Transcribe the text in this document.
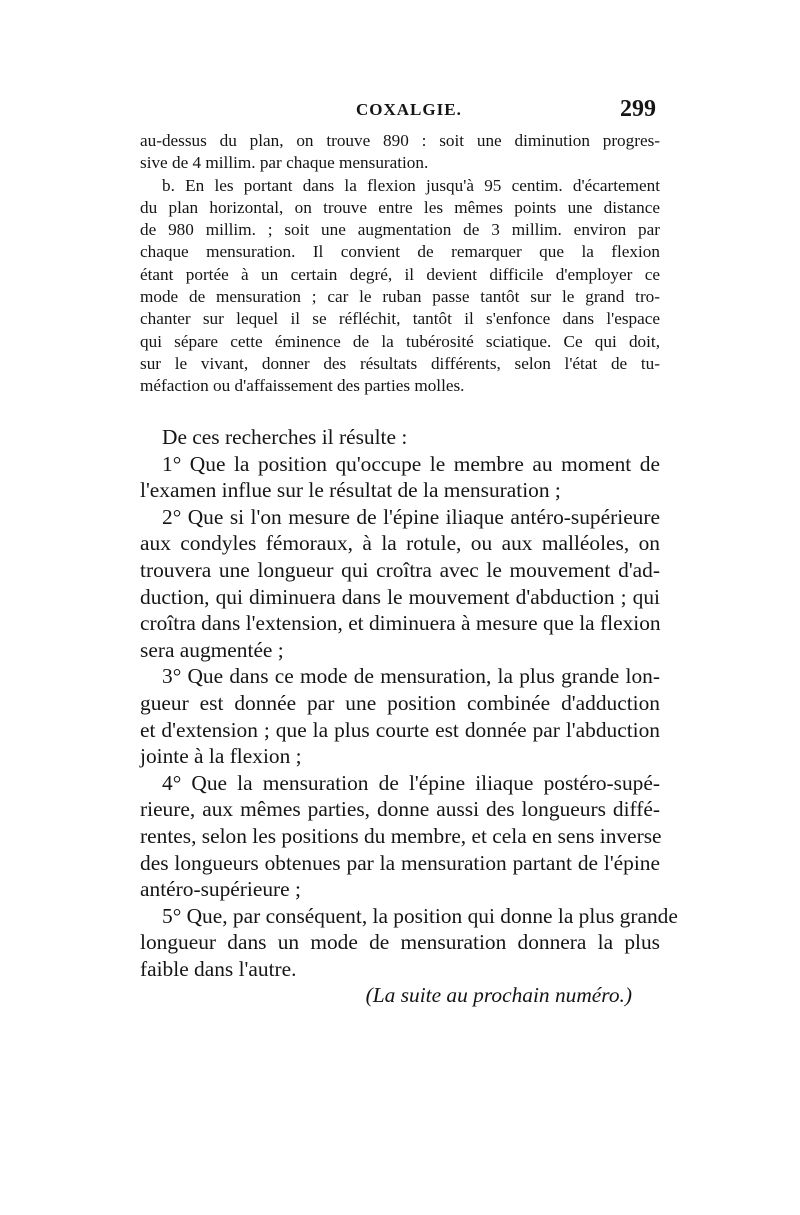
COXALGIE.	299
au-dessus du plan, on trouve 890 : soit une diminution progres-
sive de 4 millim. par chaque mensuration.
b. En les portant dans la flexion jusqu'à 95 centim. d'écartement
du plan horizontal, on trouve entre les mêmes points une distance
de 980 millim. ; soit une augmentation de 3 millim. environ par
chaque mensuration. Il convient de remarquer que la flexion
étant portée à un certain degré, il devient difficile d'employer ce
mode de mensuration ; car le ruban passe tantôt sur le grand tro-
chanter sur lequel il se réfléchit, tantôt il s'enfonce dans l'espace
qui sépare cette éminence de la tubérosité sciatique. Ce qui doit,
sur le vivant, donner des résultats différents, selon l'état de tu-
méfaction ou d'affaissement des parties molles.
De ces recherches il résulte :
1° Que la position qu'occupe le membre au moment de
l'examen influe sur le résultat de la mensuration ;
2° Que si l'on mesure de l'épine iliaque antéro-supérieure
aux condyles fémoraux, à la rotule, ou aux malléoles, on
trouvera une longueur qui croîtra avec le mouvement d'ad-
duction, qui diminuera dans le mouvement d'abduction ; qui
croîtra dans l'extension, et diminuera à mesure que la flexion
sera augmentée ;
3° Que dans ce mode de mensuration, la plus grande lon-
gueur est donnée par une position combinée d'adduction
et d'extension ; que la plus courte est donnée par l'abduction
jointe à la flexion ;
4° Que la mensuration de l'épine iliaque postéro-supé-
rieure, aux mêmes parties, donne aussi des longueurs diffé-
rentes, selon les positions du membre, et cela en sens inverse
des longueurs obtenues par la mensuration partant de l'épine
antéro-supérieure ;
5° Que, par conséquent, la position qui donne la plus grande
longueur dans un mode de mensuration donnera la plus
faible dans l'autre.
(La suite au prochain numéro.)
